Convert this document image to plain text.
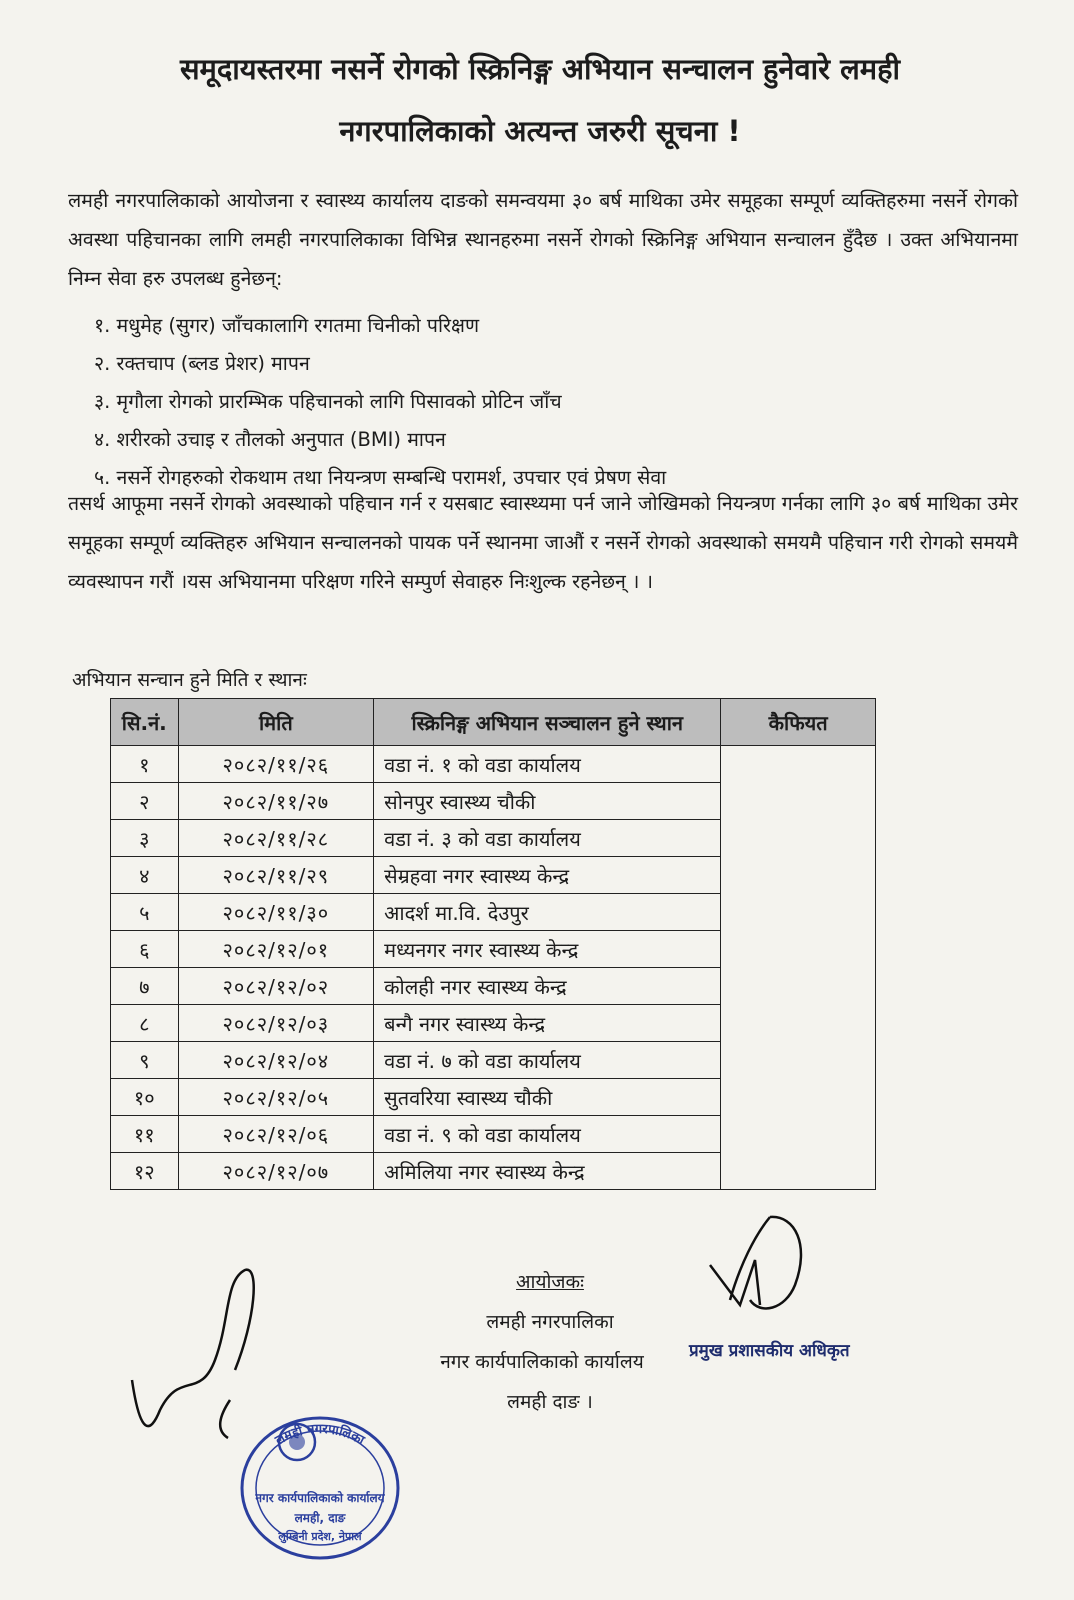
समूदायस्तरमा नसर्ने रोगको स्क्रिनिङ्ग अभियान सन्चालन हुनेवारे लमही
नगरपालिकाको अत्यन्त जरुरी सूचना !
लमही नगरपालिकाको आयोजना र स्वास्थ्य कार्यालय दाङको समन्वयमा ३० बर्ष माथिका उमेर समूहका सम्पूर्ण व्यक्तिहरुमा नसर्ने रोगको अवस्था पहिचानका लागि लमही नगरपालिकाका विभिन्न स्थानहरुमा नसर्ने रोगको स्क्रिनिङ्ग अभियान सन्चालन हुँदैछ । उक्त अभियानमा निम्न सेवा हरु उपलब्ध हुनेछन्:
१. मधुमेह (सुगर) जाँचकालागि रगतमा चिनीको परिक्षण
२. रक्तचाप (ब्लड प्रेशर) मापन
३. मृगौला रोगको प्रारम्भिक पहिचानको लागि पिसावको प्रोटिन जाँच
४. शरीरको उचाइ र तौलको अनुपात (BMI) मापन
५. नसर्ने रोगहरुको रोकथाम तथा नियन्त्रण सम्बन्धि परामर्श, उपचार एवं प्रेषण सेवा
तसर्थ आफूमा नसर्ने रोगको अवस्थाको पहिचान गर्न र यसबाट स्वास्थ्यमा पर्न जाने जोखिमको नियन्त्रण गर्नका लागि ३० बर्ष माथिका उमेर समूहका सम्पूर्ण व्यक्तिहरु अभियान सन्चालनको पायक पर्ने स्थानमा जाऔं र नसर्ने रोगको अवस्थाको समयमै पहिचान गरी रोगको समयमै व्यवस्थापन गरौं ।यस अभियानमा परिक्षण गरिने सम्पुर्ण सेवाहरु निःशुल्क रहनेछन् । ।
अभियान सन्चान हुने मिति र स्थानः
सि.नं.	मिति	स्क्रिनिङ्ग अभियान सञ्चालन हुने स्थान	कैफियत
१	२०८२/११/२६	वडा नं. १ को वडा कार्यालय	
२	२०८२/११/२७	सोनपुर स्वास्थ्य चौकी	
३	२०८२/११/२८	वडा नं. ३ को वडा कार्यालय	
४	२०८२/११/२९	सेम्रहवा नगर स्वास्थ्य केन्द्र	
५	२०८२/११/३०	आदर्श मा.वि. देउपुर	
६	२०८२/१२/०१	मध्यनगर नगर स्वास्थ्य केन्द्र	
७	२०८२/१२/०२	कोलही नगर स्वास्थ्य केन्द्र	
८	२०८२/१२/०३	बन्गै नगर स्वास्थ्य केन्द्र	
९	२०८२/१२/०४	वडा नं. ७ को वडा कार्यालय	
१०	२०८२/१२/०५	सुतवरिया स्वास्थ्य चौकी	
११	२०८२/१२/०६	वडा नं. ९ को वडा कार्यालय	
१२	२०८२/१२/०७	अमिलिया नगर स्वास्थ्य केन्द्र	
आयोजकः
लमही नगरपालिका
नगर कार्यपालिकाको कार्यालय
लमही दाङ ।
प्रमुख प्रशासकीय अधिकृत
लमही नगरपालिका
नगर कार्यपालिकाको कार्यालय
लमही, दाङ
लुम्बिनी प्रदेश, नेपाल
